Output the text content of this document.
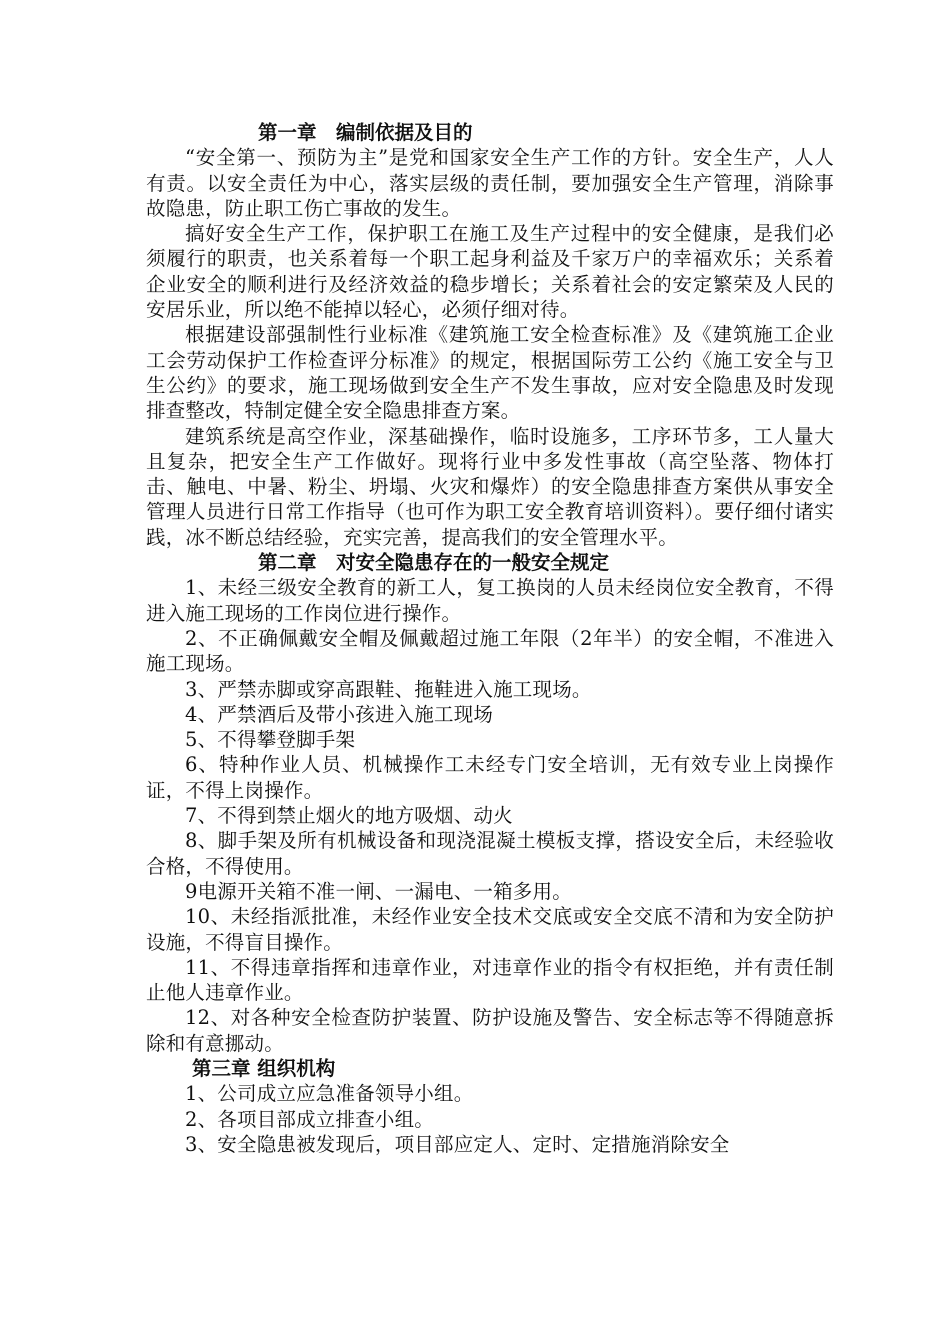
第一章　编制依据及目的

“安全第一、预防为主”是党和国家安全生产工作的方针。安全生产，人人有责。以安全责任为中心，落实层级的责任制，要加强安全生产管理，消除事故隐患，防止职工伤亡事故的发生。

搞好安全生产工作，保护职工在施工及生产过程中的安全健康，是我们必须履行的职责，也关系着每一个职工起身利益及千家万户的幸福欢乐；关系着企业安全的顺利进行及经济效益的稳步增长；关系着社会的安定繁荣及人民的安居乐业，所以绝不能掉以轻心，必须仔细对待。

根据建设部强制性行业标准《建筑施工安全检查标准》及《建筑施工企业工会劳动保护工作检查评分标准》的规定，根据国际劳工公约《施工安全与卫生公约》的要求，施工现场做到安全生产不发生事故，应对安全隐患及时发现排查整改，特制定健全安全隐患排查方案。

建筑系统是高空作业，深基础操作，临时设施多，工序环节多，工人量大且复杂，把安全生产工作做好。现将行业中多发性事故（高空坠落、物体打击、触电、中暑、粉尘、坍塌、火灾和爆炸）的安全隐患排查方案供从事安全管理人员进行日常工作指导（也可作为职工安全教育培训资料）。要仔细付诸实践，冰不断总结经验，充实完善，提高我们的安全管理水平。

第二章　对安全隐患存在的一般安全规定

1、未经三级安全教育的新工人，复工换岗的人员未经岗位安全教育，不得进入施工现场的工作岗位进行操作。

2、不正确佩戴安全帽及佩戴超过施工年限（2年半）的安全帽，不准进入施工现场。

3、严禁赤脚或穿高跟鞋、拖鞋进入施工现场。

4、严禁酒后及带小孩进入施工现场

5、不得攀登脚手架

6、特种作业人员、机械操作工未经专门安全培训，无有效专业上岗操作证，不得上岗操作。

7、不得到禁止烟火的地方吸烟、动火

8、脚手架及所有机械设备和现浇混凝土模板支撑，搭设安全后，未经验收合格，不得使用。

9电源开关箱不准一闸、一漏电、一箱多用。

10、未经指派批准，未经作业安全技术交底或安全交底不清和为安全防护设施，不得盲目操作。

11、不得违章指挥和违章作业，对违章作业的指令有权拒绝，并有责任制止他人违章作业。

12、对各种安全检查防护装置、防护设施及警告、安全标志等不得随意拆除和有意挪动。

第三章 组织机构

1、公司成立应急准备领导小组。

2、各项目部成立排查小组。

3、安全隐患被发现后，项目部应定人、定时、定措施消除安全
